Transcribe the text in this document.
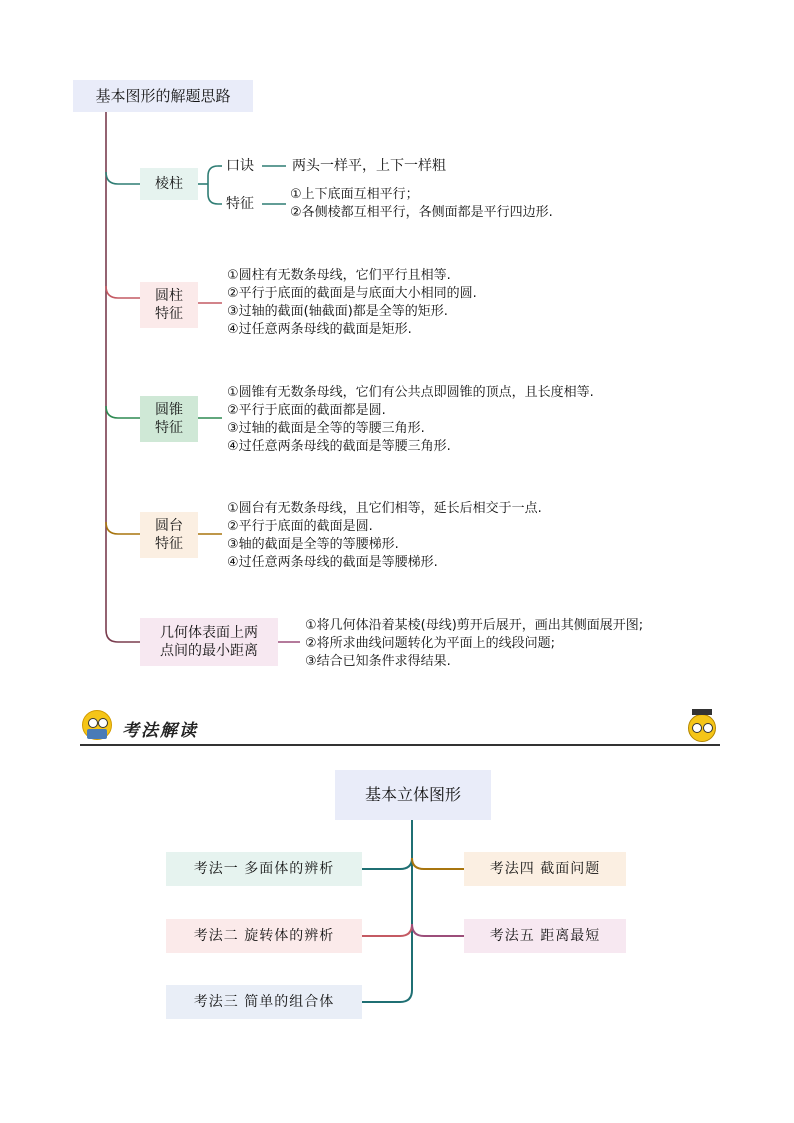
基本图形的解题思路
棱柱
口诀	两头一样平，上下一样粗
特征
①上下底面互相平行；
②各侧棱都互相平行，各侧面都是平行四边形.
圆柱
特征
①圆柱有无数条母线，它们平行且相等.
②平行于底面的截面是与底面大小相同的圆.
③过轴的截面(轴截面)都是全等的矩形.
④过任意两条母线的截面是矩形.
圆锥
特征
①圆锥有无数条母线，它们有公共点即圆锥的顶点，且长度相等.
②平行于底面的截面都是圆.
③过轴的截面是全等的等腰三角形.
④过任意两条母线的截面是等腰三角形.
圆台
特征
①圆台有无数条母线，且它们相等，延长后相交于一点.
②平行于底面的截面是圆.
③轴的截面是全等的等腰梯形.
④过任意两条母线的截面是等腰梯形.
几何体表面上两
点间的最小距离
①将几何体沿着某棱(母线)剪开后展开，画出其侧面展开图;
②将所求曲线问题转化为平面上的线段问题;
③结合已知条件求得结果.
考法解读
基本立体图形
考法一 多面体的辨析
考法二 旋转体的辨析
考法三 简单的组合体
考法四 截面问题
考法五 距离最短
